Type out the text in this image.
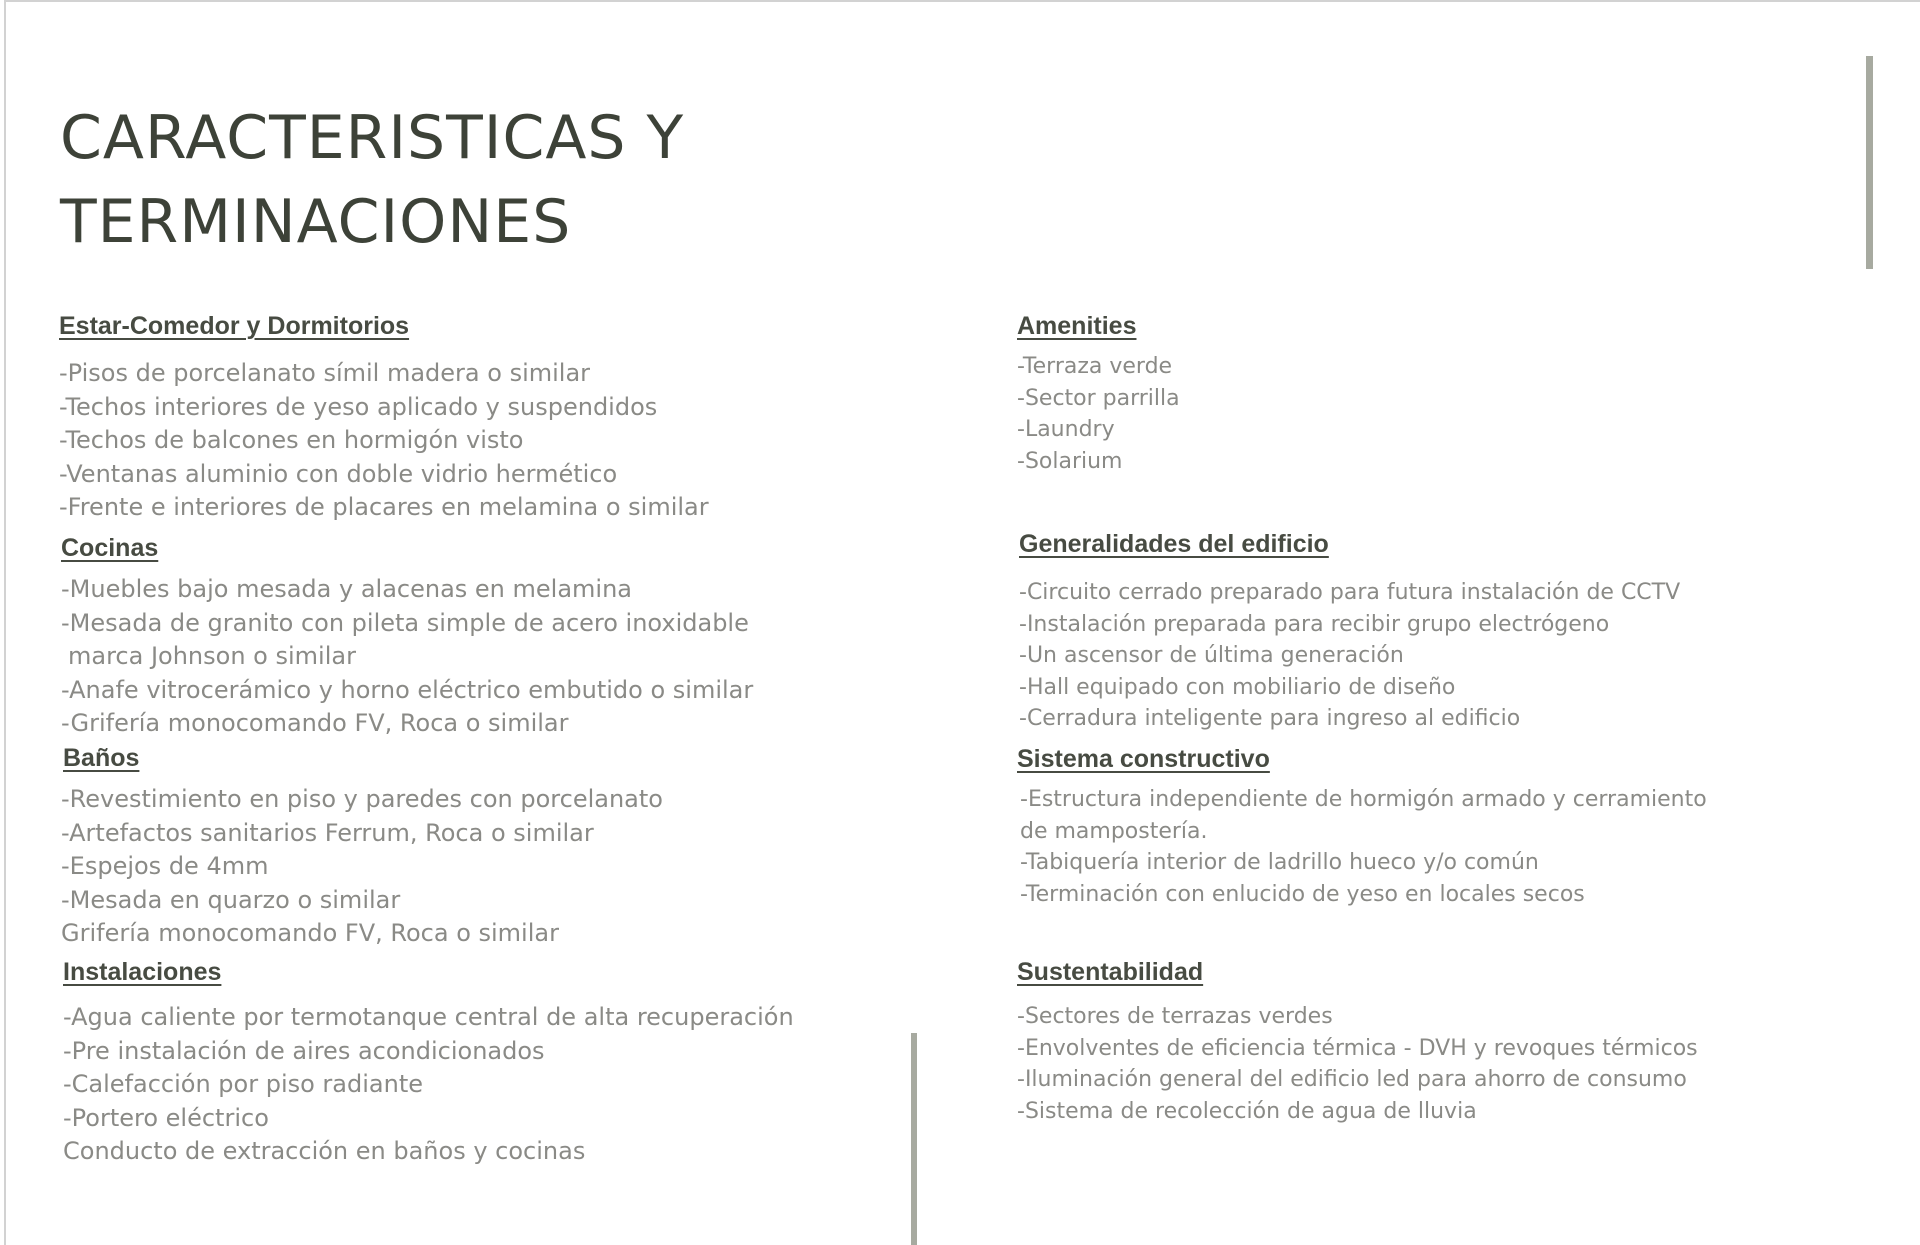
CARACTERISTICAS Y
TERMINACIONES
Estar-Comedor y Dormitorios
-Pisos de porcelanato símil madera o similar
-Techos interiores de yeso aplicado y suspendidos
-Techos de balcones en hormigón visto
-Ventanas aluminio con doble vidrio hermético
-Frente e interiores de placares en melamina o similar
Cocinas
-Muebles bajo mesada y alacenas en melamina
-Mesada de granito con pileta simple de acero inoxidable
marca Johnson o similar
-Anafe vitrocerámico y horno eléctrico embutido o similar
-Grifería monocomando FV, Roca o similar
Baños
-Revestimiento en piso y paredes con porcelanato
-Artefactos sanitarios Ferrum, Roca o similar
-Espejos de 4mm
-Mesada en quarzo o similar
Grifería monocomando FV, Roca o similar
Instalaciones
-Agua caliente por termotanque central de alta recuperación
-Pre instalación de aires acondicionados
-Calefacción por piso radiante
-Portero eléctrico
Conducto de extracción en baños y cocinas
Amenities
-Terraza verde
-Sector parrilla
-Laundry
-Solarium
Generalidades del edificio
-Circuito cerrado preparado para futura instalación de CCTV
-Instalación preparada para recibir grupo electrógeno
-Un ascensor de última generación
-Hall equipado con mobiliario de diseño
-Cerradura inteligente para ingreso al edificio
Sistema constructivo
-Estructura independiente de hormigón armado y cerramiento
de mampostería.
-Tabiquería interior de ladrillo hueco y/o común
-Terminación con enlucido de yeso en locales secos
Sustentabilidad
-Sectores de terrazas verdes
-Envolventes de eficiencia térmica - DVH y revoques térmicos
-Iluminación general del edificio led para ahorro de consumo
-Sistema de recolección de agua de lluvia
